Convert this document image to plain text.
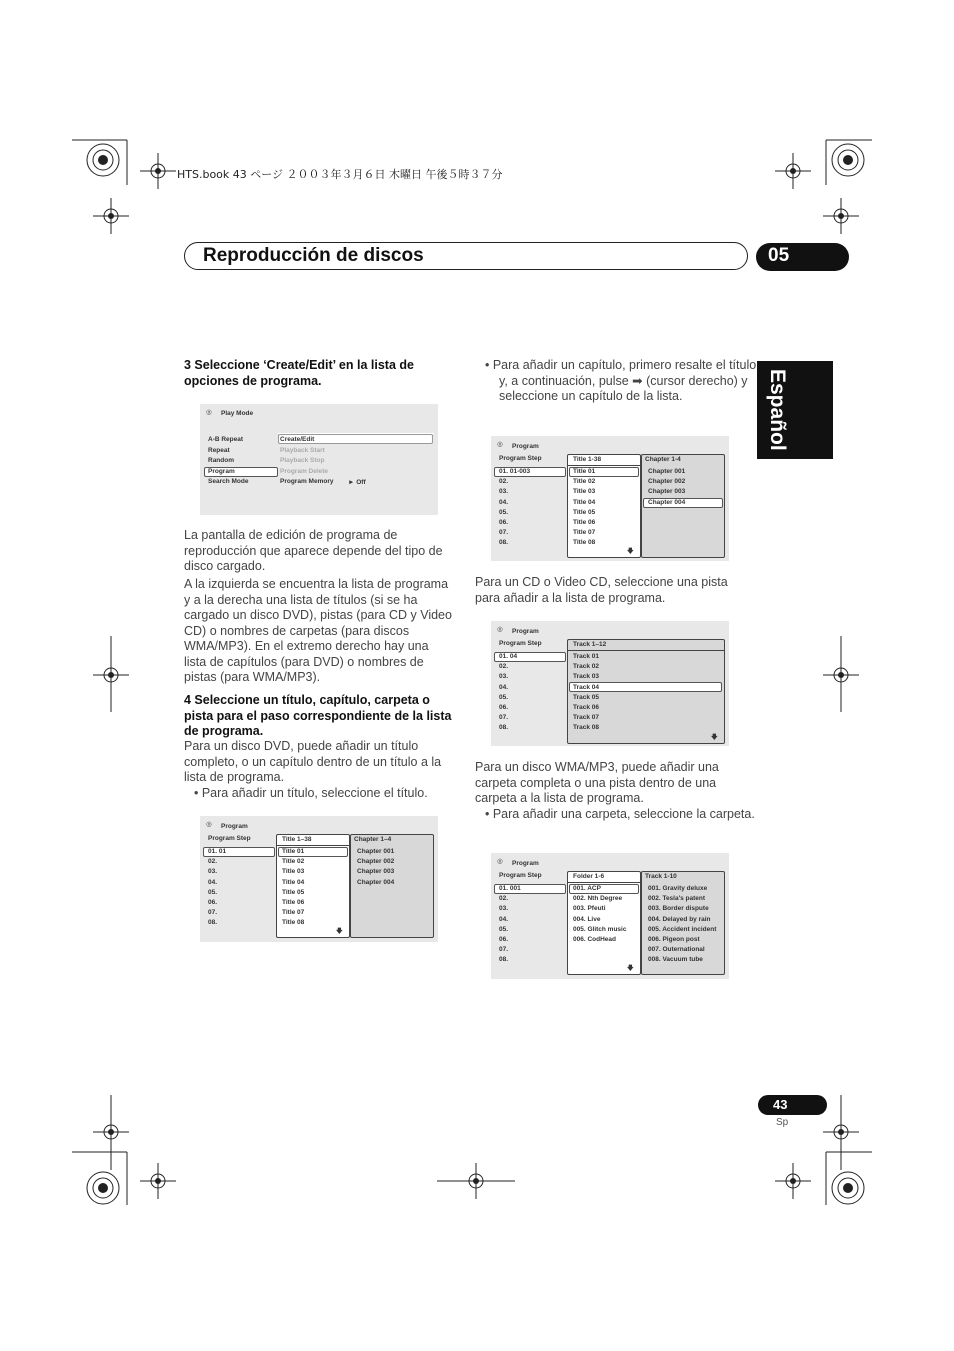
HTS.book 43 ページ ２００３年３月６日 木曜日 午後５時３７分
Reproducción de discos	05
Español
3 Seleccione ‘Create/Edit’ en la lista de opciones de programa.
◎ Play Mode
► Off
A-B Repeat
Repeat
Random
Program
Search Mode
Create/Edit
Playback Start
Playback Stop
Program Delete
Program Memory
La pantalla de edición de programa de reproducción que aparece depende del tipo de disco cargado.
A la izquierda se encuentra la lista de programa y a la derecha una lista de títulos (si se ha cargado un disco DVD), pistas (para CD y Video CD) o nombres de carpetas (para discos WMA/MP3). En el extremo derecho hay una lista de capítulos (para DVD) o nombres de pistas (para WMA/MP3).
4 Seleccione un título, capítulo, carpeta o pista para el paso correspondiente de la lista de programa.
Para un disco DVD, puede añadir un título completo, o un capítulo dentro de un título a la lista de programa.
• Para añadir un título, seleccione el título.
◎ Program
Program Step
01. 01
02.
03.
04.
05.
06.
07.
08.
Title 1–38
Title 01
Title 02
Title 03
Title 04
Title 05
Title 06
Title 07
Title 08
🡇
Chapter 1–4
Chapter 001
Chapter 002
Chapter 003
Chapter 004
• Para añadir un capítulo, primero resalte el título y, a continuación, pulse ➡ (cursor derecho) y seleccione un capítulo de la lista.
◎ Program
Program Step
01. 01-003
02.
03.
04.
05.
06.
07.
08.
Title 1-38
Title 01
Title 02
Title 03
Title 04
Title 05
Title 06
Title 07
Title 08
🡇
Chapter 1-4
Chapter 001
Chapter 002
Chapter 003
Chapter 004
Para un CD o Video CD, seleccione una pista para añadir a la lista de programa.
◎ Program
Program Step
01. 04
02.
03.
04.
05.
06.
07.
08.
Track 1–12
Track 01
Track 02
Track 03
Track 04
Track 05
Track 06
Track 07
Track 08
🡇
Para un disco WMA/MP3, puede añadir una carpeta completa o una pista dentro de una carpeta a la lista de programa.
• Para añadir una carpeta, seleccione la carpeta.
◎ Program
Program Step
01. 001
02.
03.
04.
05.
06.
07.
08.
Folder 1-6
001. ACP
002. Nth Degree
003. Pfeuti
004. Live
005. Glitch music
006. CodHead
🡇
Track 1-10
001. Gravity deluxe
002. Tesla's patent
003. Border dispute
004. Delayed by rain
005. Accident incident
006. Pigeon post
007. Outernational
008. Vacuum tube
43
Sp
